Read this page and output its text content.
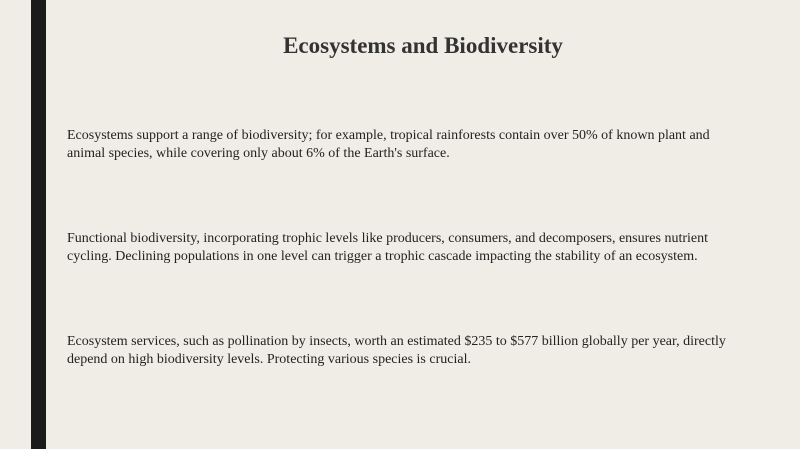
Ecosystems and Biodiversity

Ecosystems support a range of biodiversity; for example, tropical rainforests contain over 50% of known plant and animal species, while covering only about 6% of the Earth's surface.

Functional biodiversity, incorporating trophic levels like producers, consumers, and decomposers, ensures nutrient cycling. Declining populations in one level can trigger a trophic cascade impacting the stability of an ecosystem.

Ecosystem services, such as pollination by insects, worth an estimated $235 to $577 billion globally per year, directly depend on high biodiversity levels. Protecting various species is crucial.
